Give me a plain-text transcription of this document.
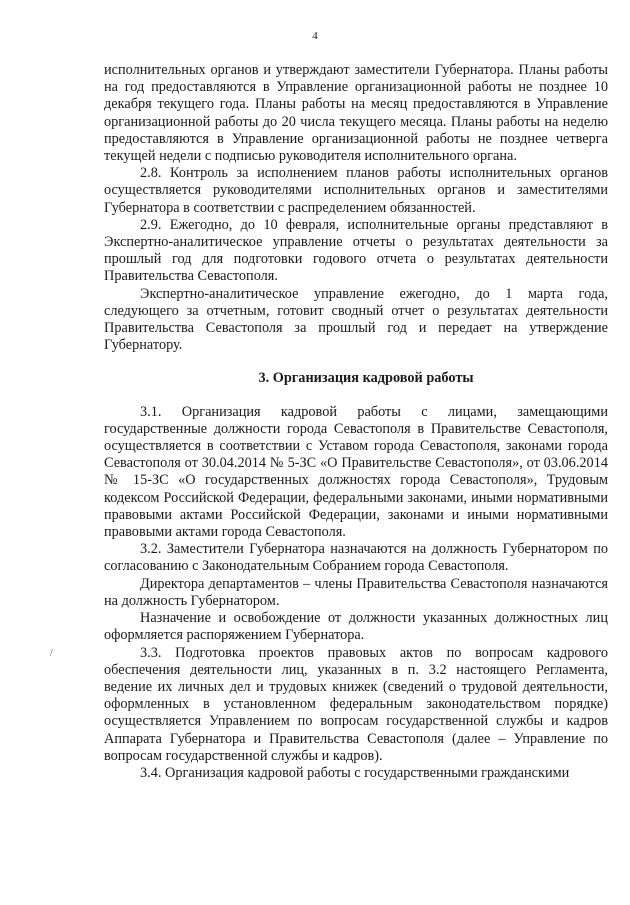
4
/

исполнительных органов и утверждают заместители Губернатора. Планы работы на год предоставляются в Управление организационной работы не позднее 10 декабря текущего года. Планы работы на месяц предоставляются в Управление организационной работы до 20 числа текущего месяца. Планы работы на неделю предоставляются в Управление организационной работы не позднее четверга текущей недели с подписью руководителя исполнительного органа.

2.8. Контроль за исполнением планов работы исполнительных органов осуществляется руководителями исполнительных органов и заместителями Губернатора в соответствии с распределением обязанностей.

2.9. Ежегодно, до 10 февраля, исполнительные органы представляют в Экспертно-аналитическое управление отчеты о результатах деятельности за прошлый год для подготовки годового отчета о результатах деятельности Правительства Севастополя.

Экспертно-аналитическое управление ежегодно, до 1 марта года, следующего за отчетным, готовит сводный отчет о результатах деятельности Правительства Севастополя за прошлый год и передает на утверждение Губернатору.

3. Организация кадровой работы

3.1. Организация кадровой работы с лицами, замещающими государственные должности города Севастополя в Правительстве Севастополя, осуществляется в соответствии с Уставом города Севастополя, законами города Севастополя от 30.04.2014 № 5-ЗС «О Правительстве Севастополя», от 03.06.2014 № 15-ЗС «О государственных должностях города Севастополя», Трудовым кодексом Российской Федерации, федеральными законами, иными нормативными правовыми актами Российской Федерации, законами и иными нормативными правовыми актами города Севастополя.

3.2. Заместители Губернатора назначаются на должность Губернатором по согласованию с Законодательным Собранием города Севастополя.

Директора департаментов – члены Правительства Севастополя назначаются на должность Губернатором.

Назначение и освобождение от должности указанных должностных лиц оформляется распоряжением Губернатора.

3.3. Подготовка проектов правовых актов по вопросам кадрового обеспечения деятельности лиц, указанных в п. 3.2 настоящего Регламента, ведение их личных дел и трудовых книжек (сведений о трудовой деятельности, оформленных в установленном федеральным законодательством порядке) осуществляется Управлением по вопросам государственной службы и кадров Аппарата Губернатора и Правительства Севастополя (далее – Управление по вопросам государственной службы и кадров).

3.4. Организация кадровой работы с государственными гражданскими
